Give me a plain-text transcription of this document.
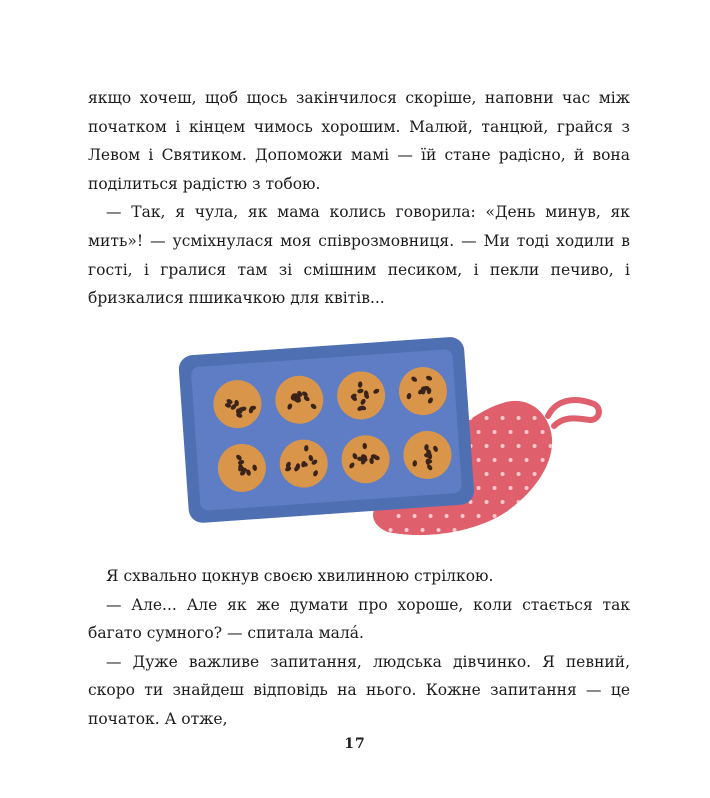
якщо хочеш, щоб щось закінчилося скоріше, наповни час між початком і кінцем чимось хорошим. Малюй, танцюй, грайся з Левом і Святиком. Допоможи мамі — їй стане радісно, й вона поділиться радістю з тобою.

— Так, я чула, як мама колись говорила: «День минув, як мить»! — усміхнулася моя співрозмовниця. — Ми тоді ходили в гості, і гралися там зі смішним песиком, і пекли печиво, і бризкалися пшикачкою для квітів...

Я схвально цокнув своєю хвилинною стрілкою.

— Але... Але як же думати про хороше, коли стається так багато сумного? — спитала малá.

— Дуже важливе запитання, людська дівчинко. Я певний, скоро ти знайдеш відповідь на нього. Кожне запитання — це початок. А отже,

17
